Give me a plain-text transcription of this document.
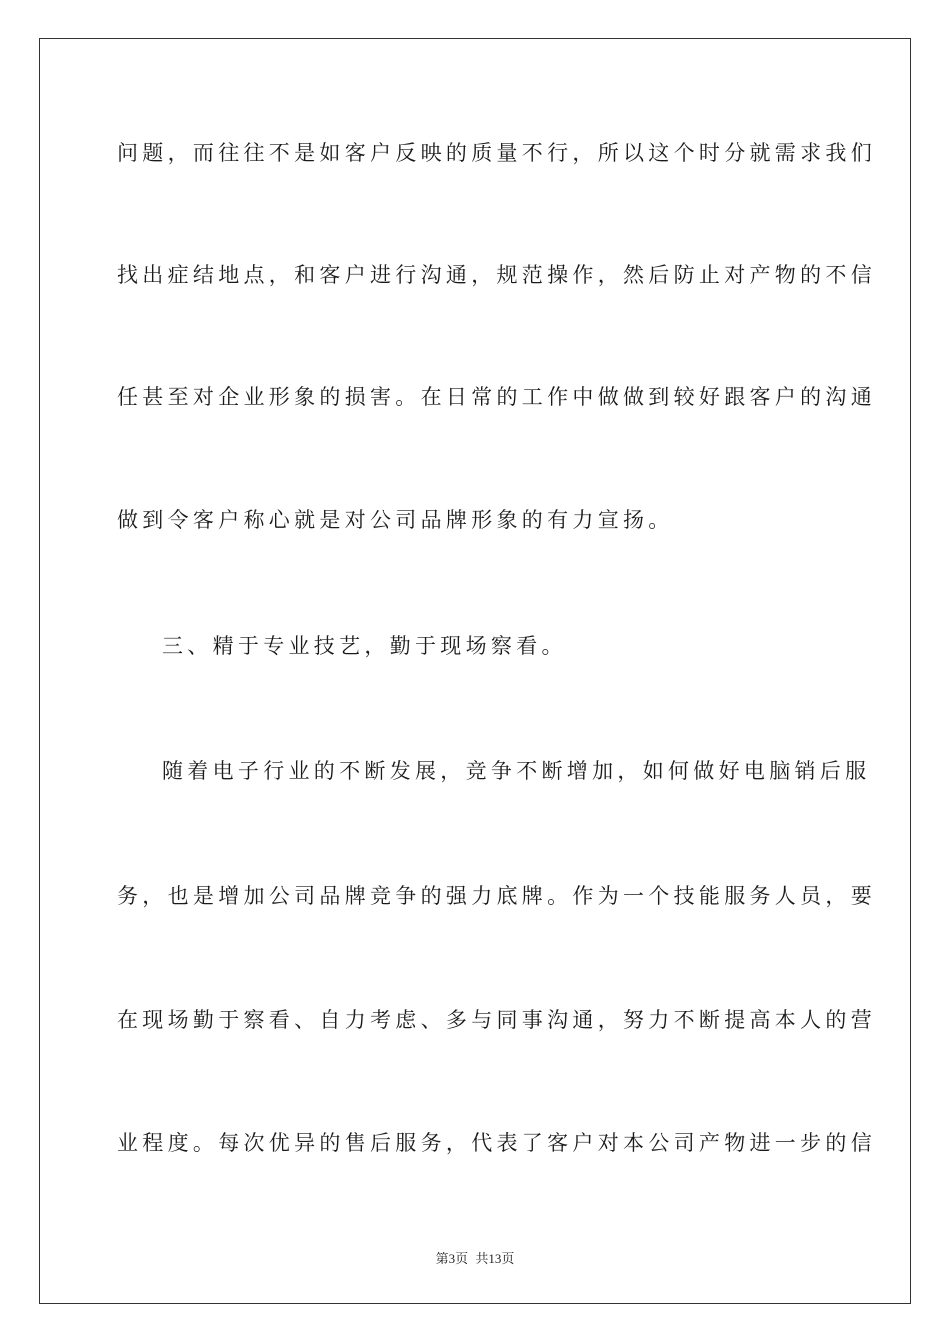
问题，而往往不是如客户反映的质量不行，所以这个时分就需求我们
找出症结地点，和客户进行沟通，规范操作，然后防止对产物的不信
任甚至对企业形象的损害。在日常的工作中做做到较好跟客户的沟通
做到令客户称心就是对公司品牌形象的有力宣扬。
三、精于专业技艺，勤于现场察看。
随着电子行业的不断发展，竞争不断增加，如何做好电脑销后服
务，也是增加公司品牌竞争的强力底牌。作为一个技能服务人员，要
在现场勤于察看、自力考虑、多与同事沟通，努力不断提高本人的营
业程度。每次优异的售后服务，代表了客户对本公司产物进一步的信
第3页 共13页
